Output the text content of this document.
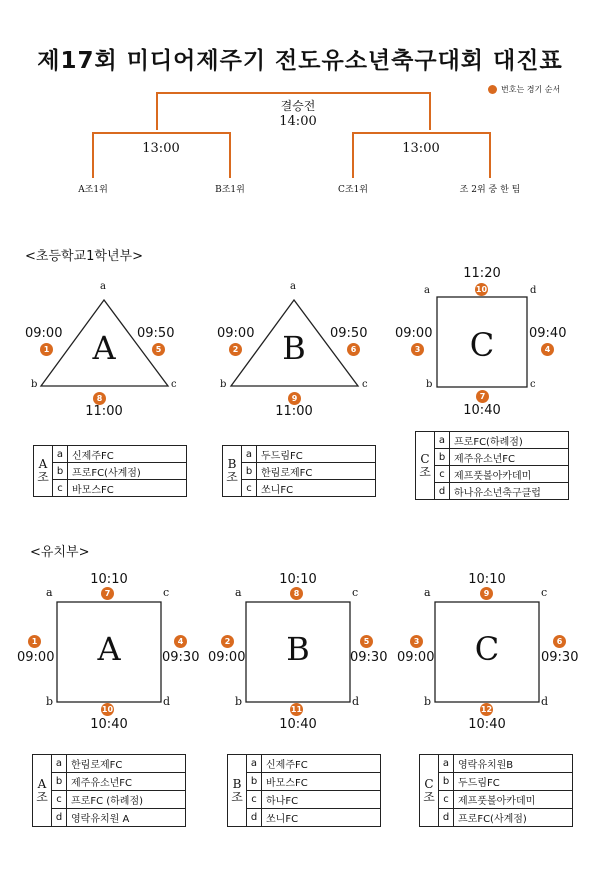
제17회 미디어제주기 전도유소년축구대회 대진표
번호는 경기 순서
결승전
14:00
13:00	13:00
A조1위	B조1위	C조1위	조 2위 중 한 팀
<초등학교1학년부>
a
b	c
A
09:00
1
09:50
5
8
11:00
a
b	c
B
09:00
2
09:50
6
9
11:00
11:20
10
a	d
b	c
C
09:00
3
09:40
4
7
10:40
A조	a	신제주FC
	b	프로FC(사계점)
	c	바모스FC
B조	a	두드림FC
	b	한림로제FC
	c	쏘니FC
C조	a	프로FC(하례점)
	b	제주유소년FC
	c	제프풋볼아카데미
	d	하나유소년축구클럽
<유치부>
10:10
7
a	c
b	d
A
1
09:00
4
09:30
10
10:40
10:10
8
a	c
b	d
B
2
09:00
5
09:30
11
10:40
10:10
9
a	c
b	d
C
3
09:00
6
09:30
12
10:40
A조	a	한림로제FC
	b	제주유소년FC
	c	프로FC (하례점)
	d	영락유치원 A
B조	a	신제주FC
	b	바모스FC
	c	하나FC
	d	쏘니FC
C조	a	영락유치원B
	b	두드림FC
	c	제프풋볼아카데미
	d	프로FC(사계점)
